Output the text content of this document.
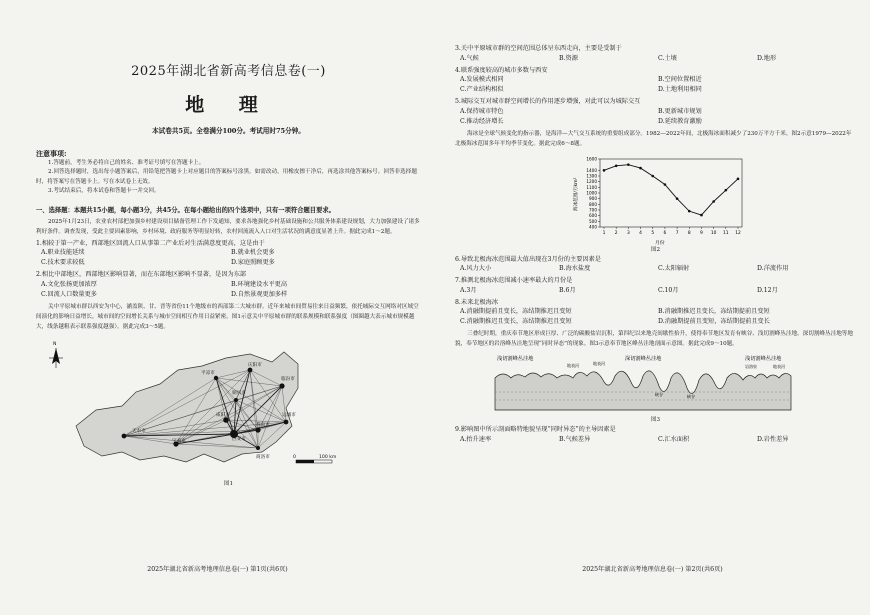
2025年湖北省新高考信息卷(一)
地 理
本试卷共5页。全卷满分100分。考试用时75分钟。
注意事项:
1.答题前，考生务必将自己的姓名、准考证号填写在答题卡上。
2.回答选择题时，选出每小题答案后，用铅笔把答题卡上对应题目的答案标号涂黑。如需改动，用橡皮擦干净后，再选涂其他答案标号。回答非选择题时，将答案写在答题卡上。写在本试卷上无效。
3.考试结束后，将本试卷和答题卡一并交回。
一、选择题：本题共15小题，每小题3分，共45分。在每小题给出的四个选项中，只有一项符合题目要求。
2025年1月23日，农业农村部把加强乡村建设项目储备管理工作下发通知，要求各地强化乡村基础设施和公共服务体系建设规划，大力加强建设了诸多利好条件。调查发现，受此主要因素影响，乡村环境、政府服务等明显好转，农村回流流入人口对生活状况的满意度显著上升。据此完成1～2题。
1.相较于第一产业，西部地区回流人口从事第二产业后对生活满意度更高，这是由于
A.职业技能延续	B.就业机会更多
C.技术要求较低	D.家庭照顾更多
2.相比中部地区，西部地区影响显著，而在东部地区影响不显著，是因为东部
A.文化张扬更加浓厚	B.环境建设水平更高
C.回流人口数量更多	D.自然景观更加多样
关中平原城市群以西安为中心，涵盖陕、甘、晋等省份11个地级市的西部第二大城市群。近年来城市间贸易往来日益频繁，依托城际交互网络对区域空间演化的影响日益增长，城市间的空间增长关系与城市空间相互作用日益紧密。图1示意关中平原城市群的联系规模和联系强度（图圈越大表示城市规模越大，线条越粗表示联系强度越强）。据此完成3～5题。
N
0	100 km
平凉市
庆阳市
临汾市
运城市
天水市
宝鸡市
咸阳市
铜川市
渭南市
西安市
商洛市
图1
2025年湖北省新高考地理信息卷(一) 第1页(共6页)
3.关中平原城市群的空间范围总体呈东西走向，主要是受制于
A.气候	B.资源	C.土壤	D.地形
4.联系强度较高的城市多数与西安
A.发展模式相同	B.空间位置相近
C.产业结构相似	D.土地利用相同
5.城际交互对城市群空间增长的作用逐步增强，对此可以为城际交互
A.保持城市特色	B.更新城市规划
C.推动经济增长	D.延续教育激励
海冰是全球气候变化的指示器，是海洋—大气交互系统的重要组成部分。1982—2022年间，北极海冰面积减少了230万平方千米。图2示意1979—2022年北极海冰范围多年平均季节变化。据此完成6～8题。
海冰范围/万km²
月份
400
500
600
700
800
900
1000
1100
1200
1300
1400
1600
1 2 3 4 5 6 7 8 9 10 11 12
图2
6.导致北极海冰范围最大值出现在3月份的主要因素是
A.风力大小	B.海水盐度	C.太阳辐射	D.洋流作用
7.推测北极海冰范围减小速率最大的月份是
A.3月	B.6月	C.10月	D.12月
8.未来北极海冰
A.消融期提前且变长，冻结期推迟且变短	B.消融期推迟且变长，冻结期提前且变短
C.消融期推迟且变长，冻结期推迟且变短	D.消融期提前且变短，冻结期提前且变长
三叠纪时期，重庆奉节地区形成巨厚、广泛的碳酸盐岩沉积，第四纪以来地壳间歇性抬升，使得奉节地区发育有峡谷、浅切割峰丛洼地、深切割峰丛洼地等地貌，奉节地区的岩溶峰丛洼地呈现“同时异态”的现象。图3示意奉节地区峰丛洼地剖面示意图。据此完成9～10题。
浅切割峰丛洼地	深切割峰丛洼地	浅切割峰丛洼地
地表河	地表河
峡谷	峡谷
岩溶泉	地表河
图3
9.影响图中所示剖面略特地貌呈现“同时异态”的主导因素是
A.抬升速率	B.气候差异	C.汇水面积	D.岩性差异
2025年湖北省新高考地理信息卷(一) 第2页(共6页)
